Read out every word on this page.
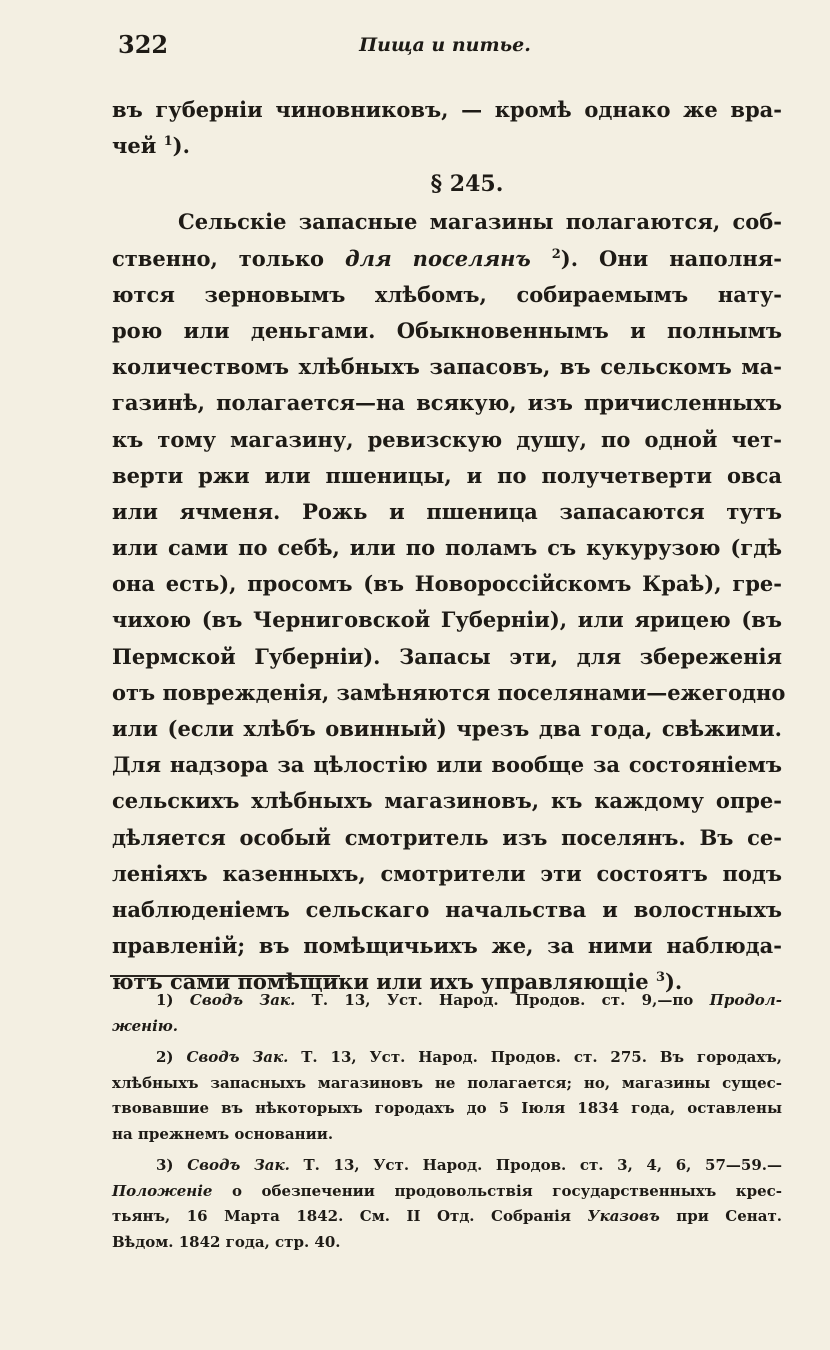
322	Пища и питье.
въ губерніи чиновниковъ, — кромѣ однако же вра-
чей $^1$).
§ 245.
Сельскіе запасные магазины полагаются, соб-
ственно, только для поселянъ $^2$). Они наполня-
ются зерновымъ хлѣбомъ, собираемымъ нату-
рою или деньгами. Обыкновеннымъ и полнымъ
количествомъ хлѣбныхъ запасовъ, въ сельскомъ ма-
газинѣ, полагается—на всякую, изъ причисленныхъ
къ тому магазину, ревизскую душу, по одной чет-
верти ржи или пшеницы, и по получетверти овса
или ячменя. Рожь и пшеница запасаются тутъ
или сами по себѣ, или по поламъ съ кукурузою (гдѣ
она есть), просомъ (въ Новороссійскомъ Краѣ), гре-
чихою (въ Черниговской Губерніи), или ярицею (въ
Пермской Губерніи). Запасы эти, для збереженія
отъ поврежденія, замѣняются поселянами—ежегодно
или (если хлѣбъ овинный) чрезъ два года, свѣжими.
Для надзора за цѣлостію или вообще за состояніемъ
сельскихъ хлѣбныхъ магазиновъ, къ каждому опре-
дѣляется особый смотритель изъ поселянъ. Въ се-
леніяхъ казенныхъ, смотрители эти состоятъ подъ
наблюденіемъ сельскаго начальства и волостныхъ
правленій; въ помѣщичьихъ же, за ними наблюда-
ютъ сами помѣщики или ихъ управляющіе $^3$).
1) Сводъ Зак. Т. 13, Уст. Народ. Продов. ст. 9,—по Продол-
женію.
2) Сводъ Зак. Т. 13, Уст. Народ. Продов. ст. 275. Въ городахъ,
хлѣбныхъ запасныхъ магазиновъ не полагается; но, магазины сущес-
твовавшие въ нѣкоторыхъ городахъ до 5 Іюля 1834 года, оставлены
на прежнемъ основании.
3) Сводъ Зак. Т. 13, Уст. Народ. Продов. ст. 3, 4, 6, 57—59.—
Положеніе о обезпечении продовольствія государственныхъ крес-
тьянъ, 16 Марта 1842. См. II Отд. Собранія Указовъ при Сенат.
Вѣдом. 1842 года, стр. 40.
